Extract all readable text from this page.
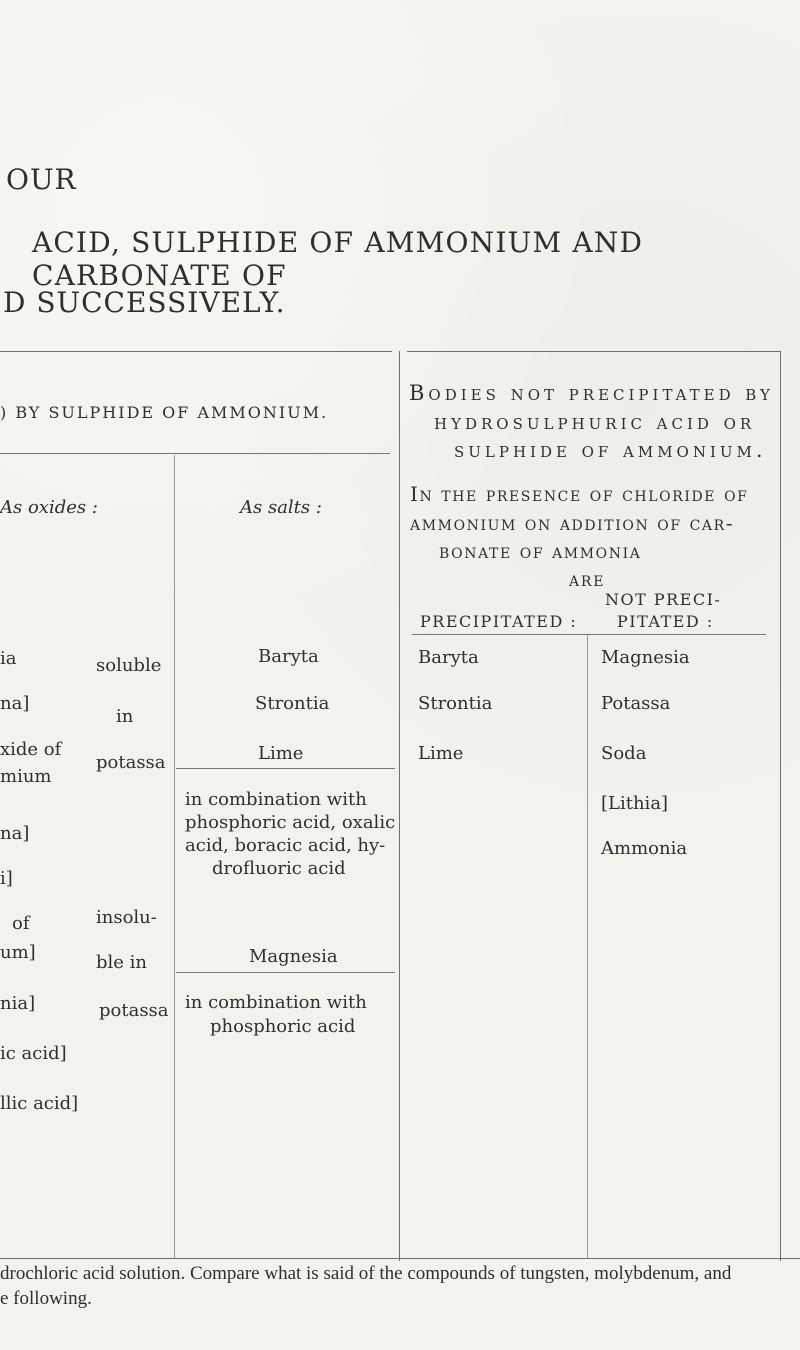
OUR
ACID, SULPHIDE OF AMMONIUM AND CARBONATE OF
D SUCCESSIVELY.
) BY SULPHIDE OF AMMONIUM.
As oxides :	As salts :
ia
na]
xide of
mium
na]
i]
of
um]
nia]
ic acid]
llic acid]
soluble
in
potassa
insolu-
ble in
potassa
Baryta
Strontia
Lime
in combination with
phosphoric acid, oxalic
acid, boracic acid, hy-
drofluoric acid
Magnesia
in combination with
phosphoric acid
Bodies not precipitated by
hydrosulphuric acid or
sulphide of ammonium.
In the presence of chloride of
ammonium on addition of car-
bonate of ammonia
are
PRECIPITATED :
NOT PRECI-
PITATED :
Baryta
Strontia
Lime
Magnesia
Potassa
Soda
[Lithia]
Ammonia
drochloric acid solution. Compare what is said of the compounds of tungsten, molybdenum, and
e following.
